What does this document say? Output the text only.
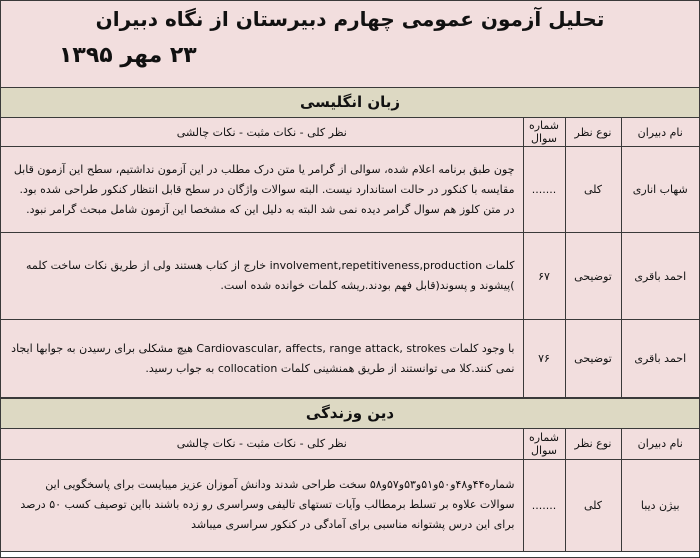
تحلیل آزمون عمومی چهارم دبیرستان از نگاه دبیران
۲۳ مهر ۱۳۹۵
زبان انگلیسی
نام دبیران	نوع نظر	شماره سوال	نظر کلی - نکات مثبت - نکات چالشی
شهاب اناری	کلی	.......	چون طبق برنامه اعلام شده، سوالی از گرامر یا متن درک مطلب در این آزمون نداشتیم، سطح این آزمون قابل مقایسه با کنکور در حالت استاندارد نیست. البته سوالات واژگان در سطح قابل انتظار کنکور طراحی شده بود. در متن کلوز هم سوال گرامر دیده نمی شد البته به دلیل این که مشخصا این آزمون شامل مبحث گرامر نبود.
احمد باقری	توضیحی	۶۷	کلمات involvement,repetitiveness,production خارج از کتاب هستند ولی از طریق نکات ساخت کلمه )پیشوند و پسوند(قابل فهم بودند.ریشه کلمات خوانده شده است.
احمد باقری	توضیحی	۷۶	با وجود کلمات Cardiovascular, affects, range attack, strokes هیچ مشکلی برای رسیدن به جوابها ایجاد نمی کنند.کلا می توانستند از طریق همنشینی کلمات collocation به جواب رسید.
دین وزندگی
نام دبیران	نوع نظر	شماره سوال	نظر کلی - نکات مثبت - نکات چالشی
بیژن دیبا	کلی	.......	شماره۴۴و۴۸و۵۰و۵۱و۵۳و۵۷و۵۸ سخت طراحی شدند ودانش آموزان عزیز میبایست برای پاسخگویی این سوالات علاوه بر تسلط برمطالب وآیات تستهای تالیفی وسراسری رو زده باشند بااین توصیف کسب ۵۰ درصد برای این درس پشتوانه مناسبی برای آمادگی در کنکور سراسری میباشد
